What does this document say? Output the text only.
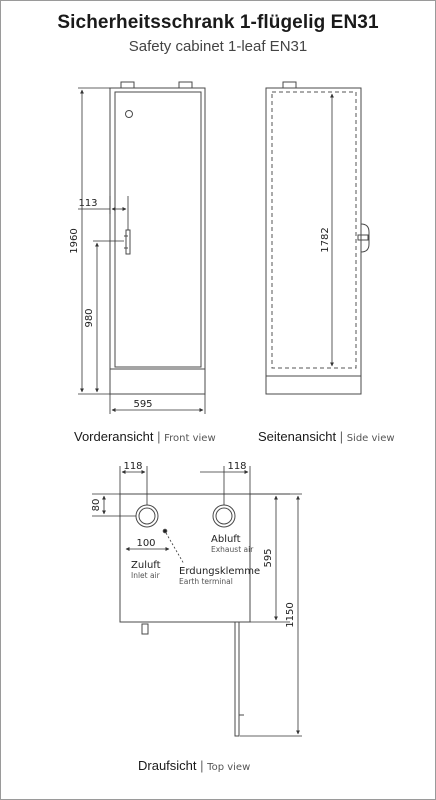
Sicherheitsschrank 1-flügelig EN31
Safety cabinet 1-leaf EN31
1960
980
113
595
1782
118	118
80
100
595
1150
Abluft
Exhaust air
Zuluft
Inlet air Erdungsklemme
Earth terminal
Vorderansicht | Front view	Seitenansicht | Side view
Draufsicht | Top view
